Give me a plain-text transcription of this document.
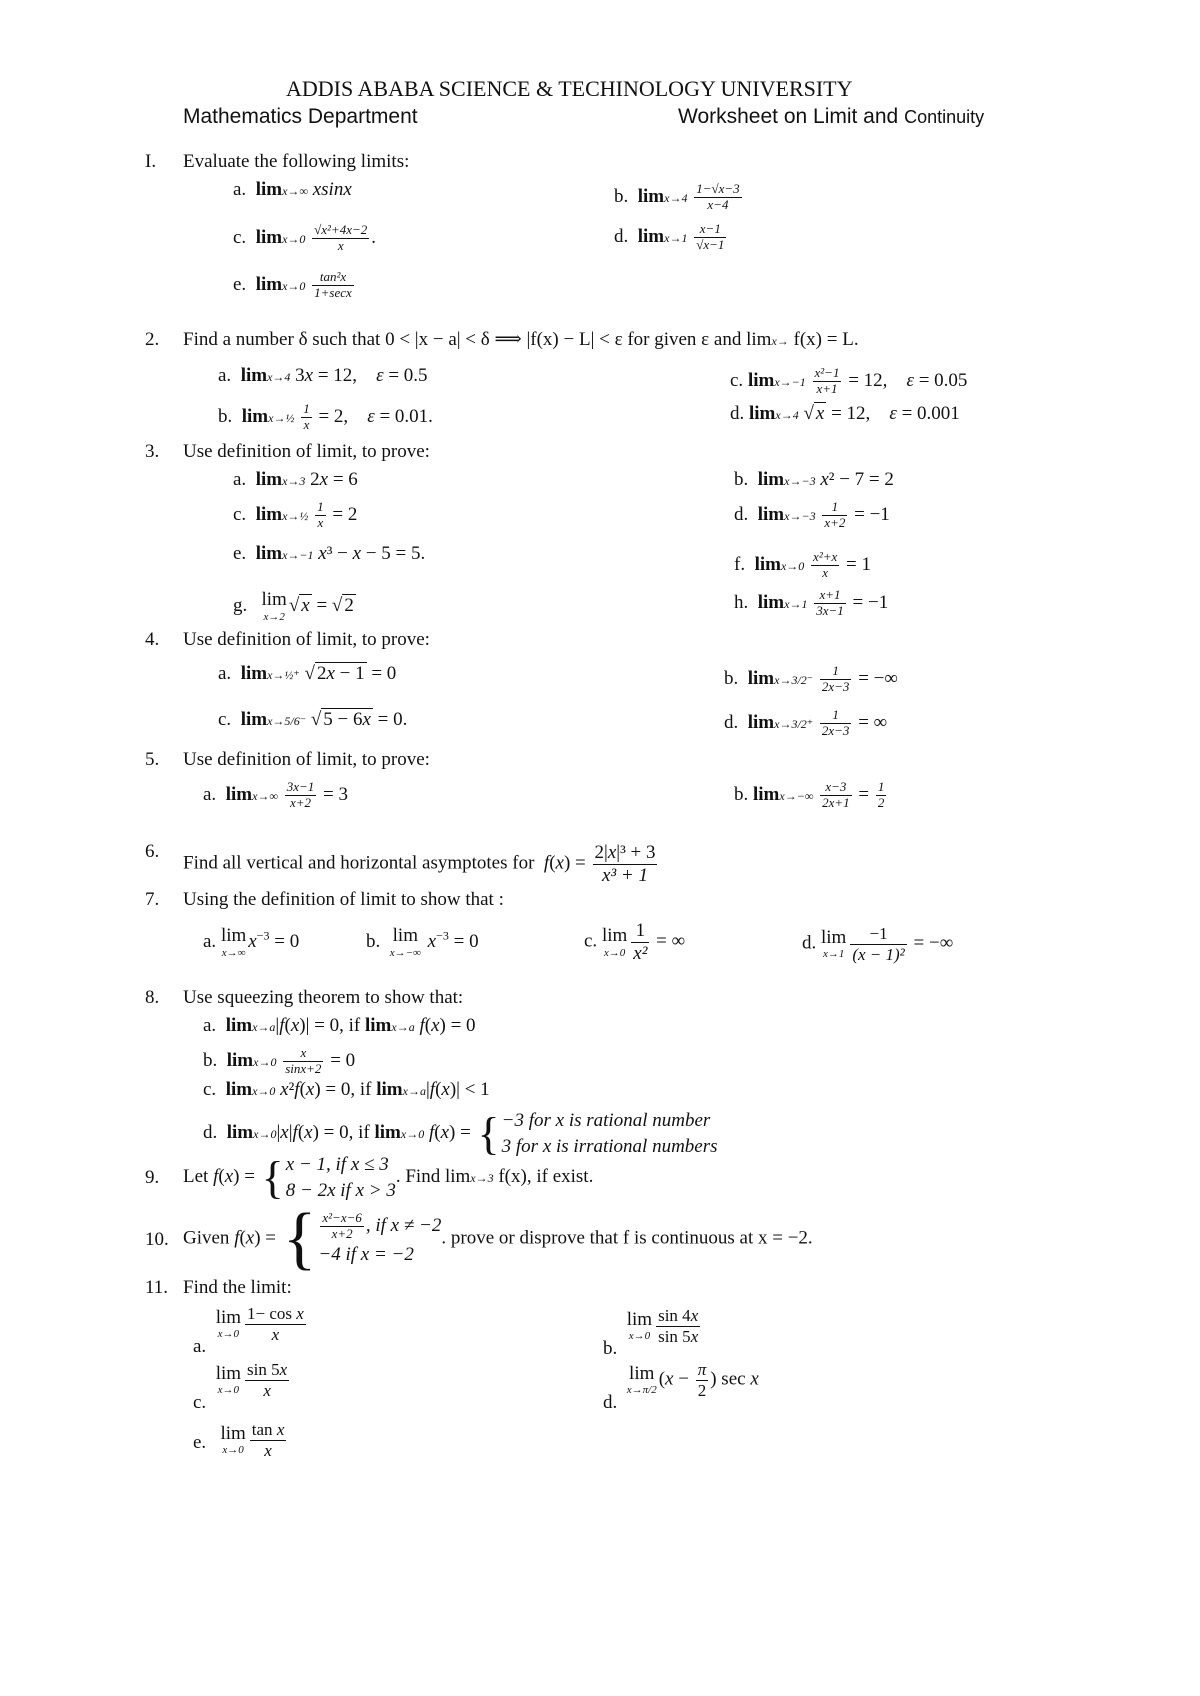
ADDIS ABABA SCIENCE & TECHINOLOGY UNIVERSITY
Mathematics Department	Worksheet on Limit and Continuity
I. Evaluate the following limits:
a. limx→∞ xsinx	b. $\lim x\to 4 \frac{1-√x-3}{x-4}$
c. $\lim x\to 0 \frac{\text{√x²+4x−2}}{x}$ .	d. $\lim x\to 1 \frac{x-1}{√x-1}$
e. limx→0
tan²x
1+secx
2. Find a number δ such that 0 < |x − a| < δ ⟹ |f(x) − L| < ε for given ε and limx→ f(x) = L.
a. limx→4 3x = 12,    ε = 0.5	c. $\lim x\to-1 \frac{\text{x²−1}}{x+1} = 12$,    ε = 0.05
b. limx→½ $\frac{1}{x} = 2$,    ε = 0.01.	d. limx→4 √ x = 12,    ε = 0.001
3. Use definition of limit, to prove:
a. limx→3 2x = 6	b. limx→−3 x² − 7 = 2
c. limx→½ $\frac{1}{x} = 2$	d. $\lim x\to-3 \frac{1}{x+2} = -1$
e. limx→−1 x³ − x − 5 = 5.
f. $\lim x\to 0 \frac{\text{x²+x}}{x} = 1$
g. lim
x→2
√ x = √ 2	h. $\lim x\to 1 \frac{x+1}{3x-1} = -1$
4. Use definition of limit, to prove:
a. limx→½⁺ √ 2x − 1 = 0	b. $\lim x\to 3/2^- \frac{1}{2x-3}$ = −∞
c. limx→5/6⁻ √ 5 − 6x = 0.	d. $\lim x\to 3/2^+ \frac{1}{2x-3}$ = ∞
5. Use definition of limit, to prove:
a. $\lim x\to\infty \frac{3x-1}{x+2} = 3$	b. $\lim x\to-\infty \frac{x-3}{2x+1} = \frac{1}{2}$
6.
Find all vertical and horizontal asymptotes for $f(x) = \frac{\text{2|x|³ + 3}}{\text{x³ + 1}}$
7. Using the definition of limit to show that :
a. lim
x→∞
$x^{-3} = 0$	b. lim
x→−∞
$x^{-3} = 0$	c. lim
$x\to 0 \frac{1}{\text{x²}}$ = ∞	d. lim
$x\to 1 \frac{-1}{\text{(x − 1)²}}$ = −∞
8. Use squeezing theorem to show that:
a. limx→a|f(x)| = 0, if limx→a f(x) = 0
b. $\lim x\to 0 \frac{x}{\sin x+2} = 0$
c. limx→0 x²f(x) = 0, if limx→a|f(x)| < 1
d. limx→0|x|f(x) = 0, if limx→0 f(x) = { −3 for x is rational number
3 for x is irrational numbers
9. Let f(x) = { x − 1, if x ≤ 3
8 − 2x if x > 3
. Find limx→3 f(x), if exist.
10. Given f(x) = { $\frac{\text{x²−x−6}}{x+2}$ , if x ≠ −2
−4 if x = −2
. prove or disprove that f is continuous at x = −2.
11. Find the limit:
a.
lim
$x\to 0 \frac{\text{1− cos x}}{x}$
b.
lim
$x\to 0 \frac{\sin 4x}{\sin 5x}$
c.
lim
$x\to 0 \frac{\sin 5x}{x}$
d.
lim
x→π/2
($x - \frac{\pi}{2}$ ) sec x
e. lim
$x\to 0 \frac{\text{tan x}}{x}$
